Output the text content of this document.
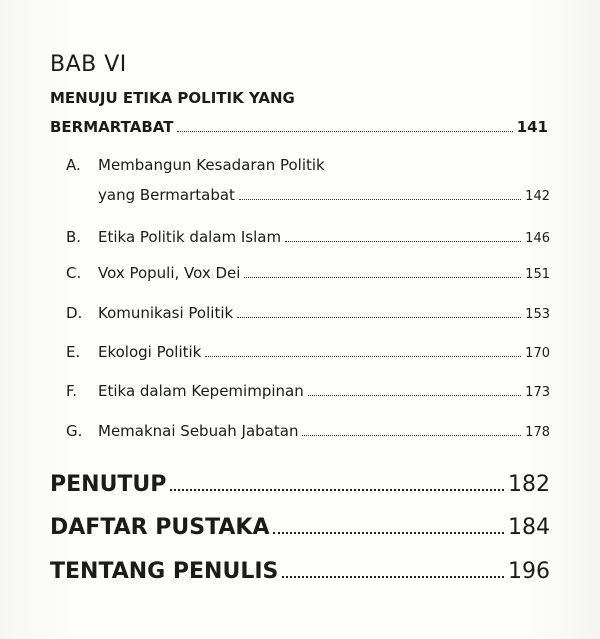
BAB VI
MENUJU ETIKA POLITIK YANG
BERMARTABAT	141
A. Membangun Kesadaran Politik
yang Bermartabat	142
B. Etika Politik dalam Islam	146
C. Vox Populi, Vox Dei	151
D. Komunikasi Politik	153
E. Ekologi Politik	170
F. Etika dalam Kepemimpinan	173
G. Memaknai Sebuah Jabatan	178
PENUTUP	182
DAFTAR PUSTAKA	184
TENTANG PENULIS	196
